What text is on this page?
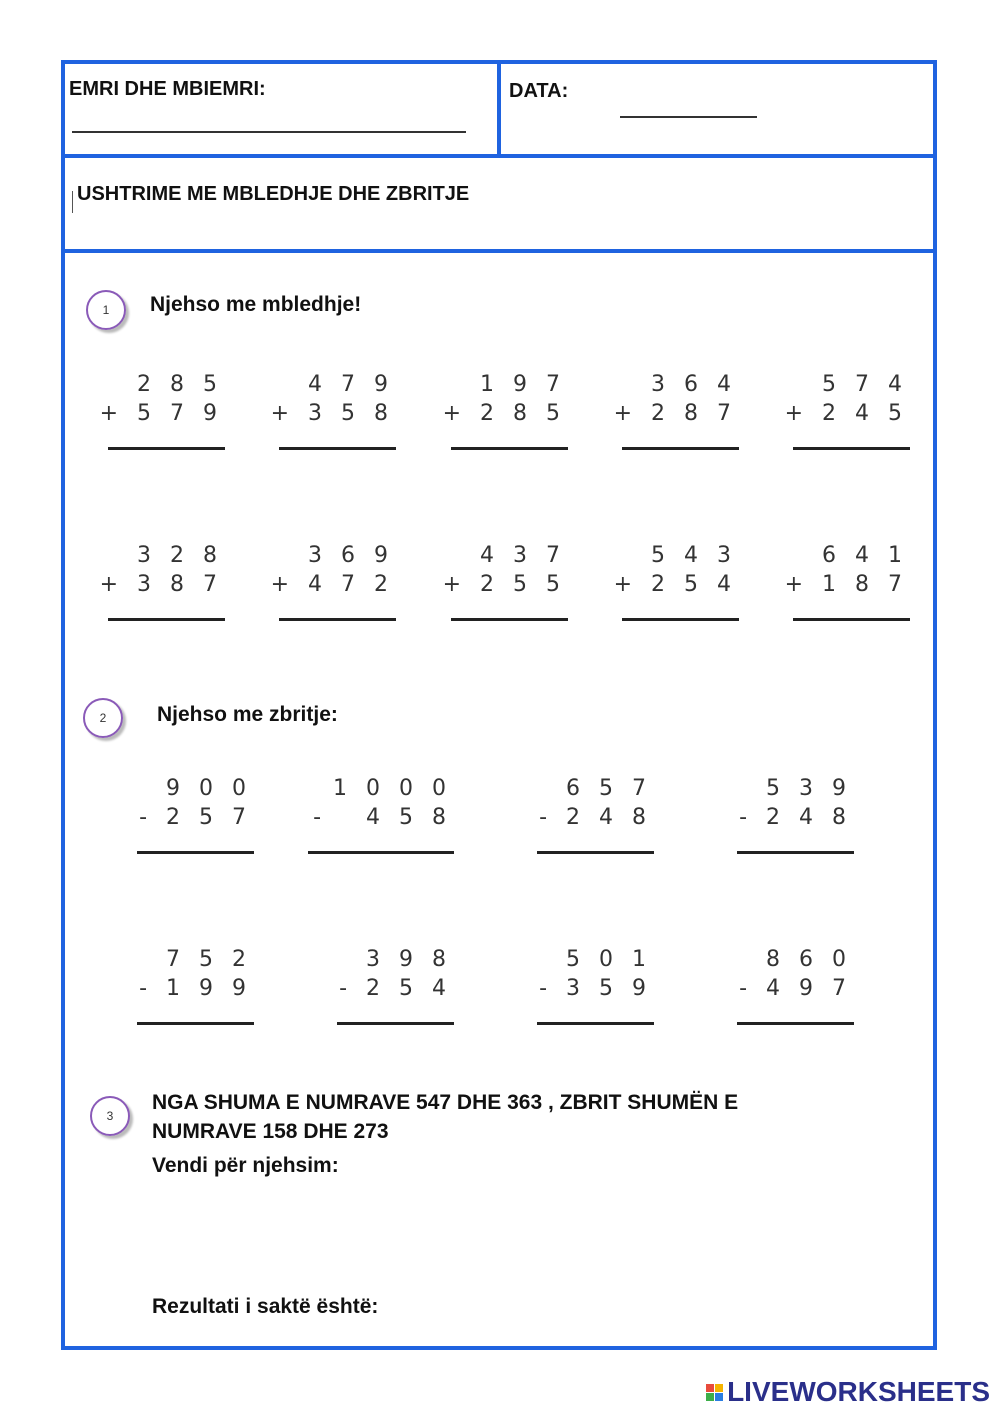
EMRI DHE MBIEMRI:	DATA:
USHTRIME ME MBLEDHJE DHE ZBRITJE
1	Njehso me mbledhje!
2 8 5
+ 5 7 9
4 7 9
+ 3 5 8
1 9 7
+ 2 8 5
3 6 4
+ 2 8 7
5 7 4
+ 2 4 5
3 2 8
+ 3 8 7
3 6 9
+ 4 7 2
4 3 7
+ 2 5 5
5 4 3
+ 2 5 4
6 4 1
+ 1 8 7
2	Njehso me zbritje:
9 0 0
- 2 5 7
1 0 0 0
-   4 5 8
6 5 7
- 2 4 8
5 3 9
- 2 4 8
7 5 2
- 1 9 9
3 9 8
- 2 5 4
5 0 1
- 3 5 9
8 6 0
- 4 9 7
3
NGA SHUMA E NUMRAVE 547 DHE 363 , ZBRIT SHUMËN E
NUMRAVE 158 DHE 273
Vendi për njehsim:
Rezultati i saktë është:
LIVEWORKSHEETS
